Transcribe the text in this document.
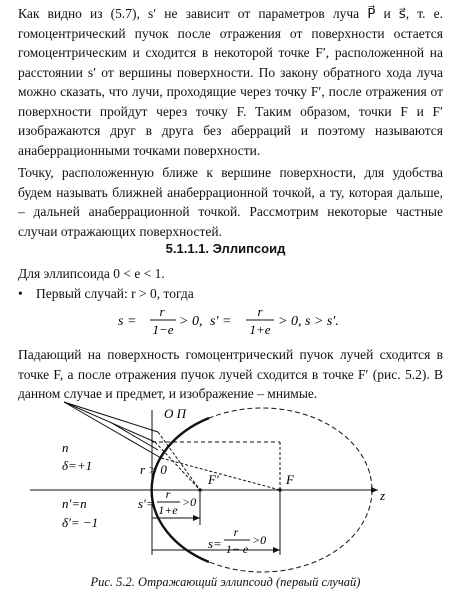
Как видно из (5.7), s′ не зависит от параметров луча P⃗ и s⃗, т. е. гомоцентрический пучок после отражения от поверхности остается гомоцентрическим и сходится в некоторой точке F′, расположенной на расстоянии s′ от вершины поверхности. По закону обратного хода луча можно сказать, что лучи, проходящие через точку F′, после отражения от поверхности пройдут через точку F. Таким образом, точки F и F′ изображаются друг в друга без аберраций и поэтому называются анаберрационными точками поверхности.

Точку, расположенную ближе к вершине поверхности, для удобства будем называть ближней анаберрационной точкой, а ту, которая дальше, – дальней анаберрационной точкой. Рассмотрим некоторые частные случаи отражающих поверхностей.

5.1.1.1. Эллипсоид
Для эллипсоида 0 < e < 1.
• Первый случай: r > 0, тогда
s =
r
1−e
> 0, s′ =
r
1+e
> 0, s > s′.

Падающий на поверхность гомоцентрический пучок лучей сходится в точке F, а после отражения пучок лучей сходится в точке F′ (рис. 5.2). В данном случае и предмет, и изображение – мнимые.

О П
n
δ=+1	r > 0
F′	F
z
n′=n
δ′= −1
s′=
r
1+e
>0
s=
r
1− e
>0
Рис. 5.2. Отражающий эллипсоид (первый случай)
